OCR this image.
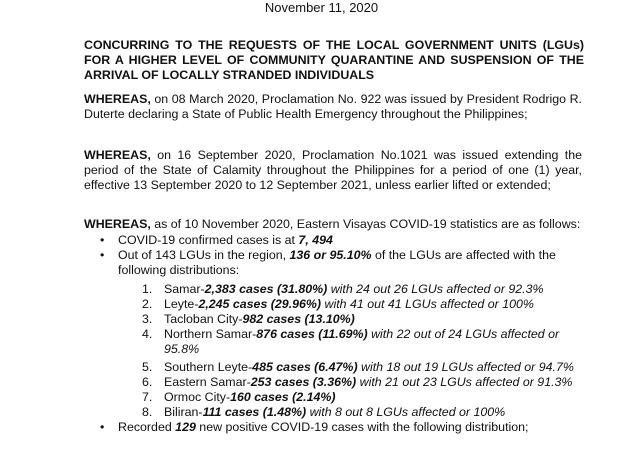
November 11, 2020
CONCURRING TO THE REQUESTS OF THE LOCAL GOVERNMENT UNITS (LGUs) FOR A HIGHER LEVEL OF COMMUNITY QUARANTINE AND SUSPENSION OF THE ARRIVAL OF LOCALLY STRANDED INDIVIDUALS

WHEREAS, on 08 March 2020, Proclamation No. 922 was issued by President Rodrigo R. Duterte declaring a State of Public Health Emergency throughout the Philippines;

WHEREAS, on 16 September 2020, Proclamation No.1021 was issued extending the period of the State of Calamity throughout the Philippines for a period of one (1) year, effective 13 September 2020 to 12 September 2021, unless earlier lifted or extended;

WHEREAS, as of 10 November 2020, Eastern Visayas COVID-19 statistics are as follows:

• COVID-19 confirmed cases is at 7, 494
• Out of 143 LGUs in the region, 136 or 95.10% of the LGUs are affected with the following distributions:
1. Samar-2,383 cases (31.80%) with 24 out 26 LGUs affected or 92.3%
2. Leyte-2,245 cases (29.96%) with 41 out 41 LGUs affected or 100%
3. Tacloban City-982 cases (13.10%)
4. Northern Samar-876 cases (11.69%) with 22 out of 24 LGUs affected or 95.8%
5. Southern Leyte-485 cases (6.47%) with 18 out 19 LGUs affected or 94.7%
6. Eastern Samar-253 cases (3.36%) with 21 out 23 LGUs affected or 91.3%
7. Ormoc City-160 cases (2.14%)
8. Biliran-111 cases (1.48%) with 8 out 8 LGUs affected or 100%
• Recorded 129 new positive COVID-19 cases with the following distribution;
